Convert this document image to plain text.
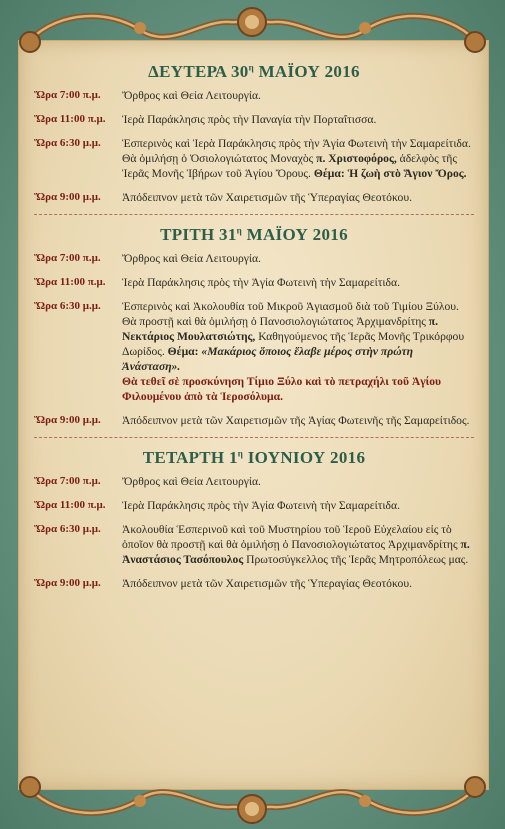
ΔΕΥΤΕΡΑ $30^\eta$ ΜΑΪΟΥ 2016
Ὥρα 7:00 π.μ.	Ὄρθρος καὶ Θεία Λειτουργία.
Ὥρα 11:00 π.μ.	Ἱερὰ Παράκλησις πρὸς τὴν Παναγία τὴν Πορταΐτισσα.
Ὥρα 6:30 μ.μ.	Ἑσπερινὸς καὶ Ἱερὰ Παράκλησις πρὸς τὴν Ἁγία Φωτεινὴ τὴν Σαμαρείτιδα. Θὰ ὁμιλήσῃ ὁ Ὁσιολογιώτατος Μοναχὸς π. Χριστοφόρος, ἀδελφὸς τῆς Ἱερᾶς Μονῆς Ἰβήρων τοῦ Ἁγίου Ὄρους. Θέμα: Ἡ ζωὴ στὸ Ἅγιον Ὄρος.
Ὥρα 9:00 μ.μ.	Ἀπόδειπνον μετὰ τῶν Χαιρετισμῶν τῆς Ὑπεραγίας Θεοτόκου.
ΤΡΙΤΗ $31^\eta$ ΜΑΪΟΥ 2016
Ὥρα 7:00 π.μ.	Ὄρθρος καὶ Θεία Λειτουργία.
Ὥρα 11:00 π.μ.	Ἱερὰ Παράκλησις πρὸς τὴν Ἁγία Φωτεινὴ τὴν Σαμαρείτιδα.
Ὥρα 6:30 μ.μ.	Ἑσπερινὸς καὶ Ἀκολουθία τοῦ Μικροῦ Ἁγιασμοῦ διὰ τοῦ Τιμίου Ξύλου. Θὰ προστῇ καὶ θὰ ὁμιλήσῃ ὁ Πανοσιολογιώτατος Ἀρχιμανδρίτης π. Νεκτάριος Μουλατσιώτης, Καθηγούμενος τῆς Ἱερᾶς Μονῆς Τρικόρφου Δωρίδος. Θέμα: «Μακάριος ὅποιος ἔλαβε μέρος στὴν πρώτη Ἀνάσταση».
Θὰ τεθεῖ σὲ προσκύνηση Τίμιο Ξύλο καὶ τὸ πετραχήλι τοῦ Ἁγίου Φιλουμένου ἀπὸ τὰ Ἱεροσόλυμα.
Ὥρα 9:00 μ.μ.	Ἀπόδειπνον μετὰ τῶν Χαιρετισμῶν τῆς Ἁγίας Φωτεινῆς τῆς Σαμαρείτιδος.
ΤΕΤΑΡΤΗ $1^\eta$ ΙΟΥΝΙΟΥ 2016
Ὥρα 7:00 π.μ.	Ὄρθρος καὶ Θεία Λειτουργία.
Ὥρα 11:00 π.μ.	Ἱερὰ Παράκλησις πρὸς τὴν Ἁγία Φωτεινὴ τὴν Σαμαρείτιδα.
Ὥρα 6:30 μ.μ.	Ἀκολουθία Ἑσπερινοῦ καὶ τοῦ Μυστηρίου τοῦ Ἱεροῦ Εὐχελαίου εἰς τὸ ὁποῖον θὰ προστῇ καὶ θὰ ὁμιλήσῃ ὁ Πανοσιολογιώτατος Ἀρχιμανδρίτης π. Ἀναστάσιος Τασόπουλος Πρωτοσύγκελλος τῆς Ἱερᾶς Μητροπόλεως μας.
Ὥρα 9:00 μ.μ.	Ἀπόδειπνον μετὰ τῶν Χαιρετισμῶν τῆς Ὑπεραγίας Θεοτόκου.
